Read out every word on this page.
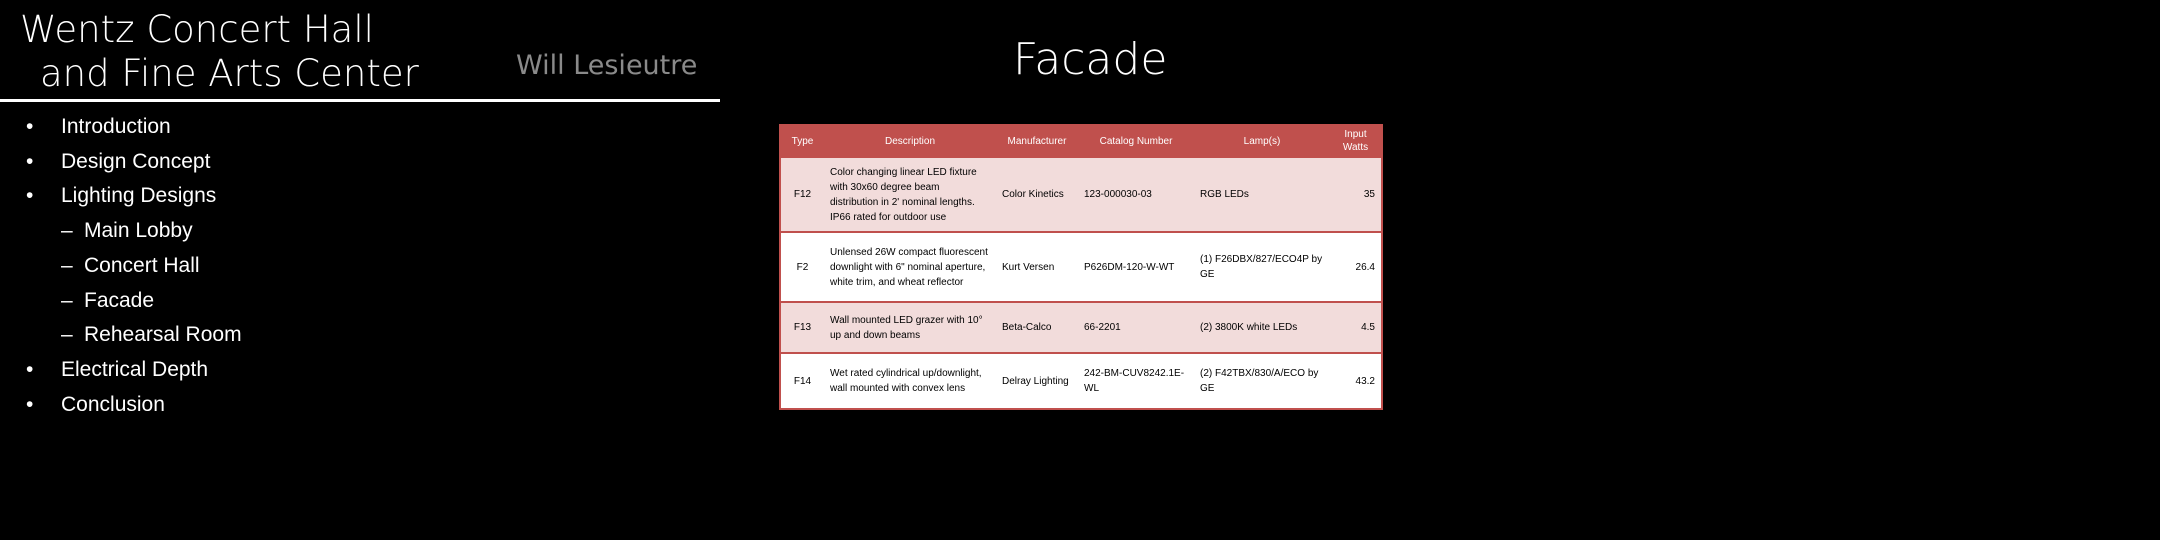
Wentz Concert Hall
and Fine Arts Center	Will Lesieutre
• Introduction
• Design Concept
• Lighting Designs
– Main Lobby
– Concert Hall
– Facade
– Rehearsal Room
• Electrical Depth
• Conclusion
Facade
Type	Description	Manufacturer	Catalog Number	Lamp(s)	Input Watts
F12	Color changing linear LED fixture with 30x60 degree beam distribution in 2' nominal lengths. IP66 rated for outdoor use	Color Kinetics	123-000030-03	RGB LEDs	35
F2	Unlensed 26W compact fluorescent downlight with 6" nominal aperture, white trim, and wheat reflector	Kurt Versen	P626DM-120-W-WT	(1) F26DBX/827/ECO4P by GE	26.4
F13	Wall mounted LED grazer with 10° up and down beams	Beta-Calco	66-2201	(2) 3800K white LEDs	4.5
F14	Wet rated cylindrical up/downlight, wall mounted with convex lens	Delray Lighting	242-BM-CUV8242.1E-WL	(2) F42TBX/830/A/ECO by GE	43.2
